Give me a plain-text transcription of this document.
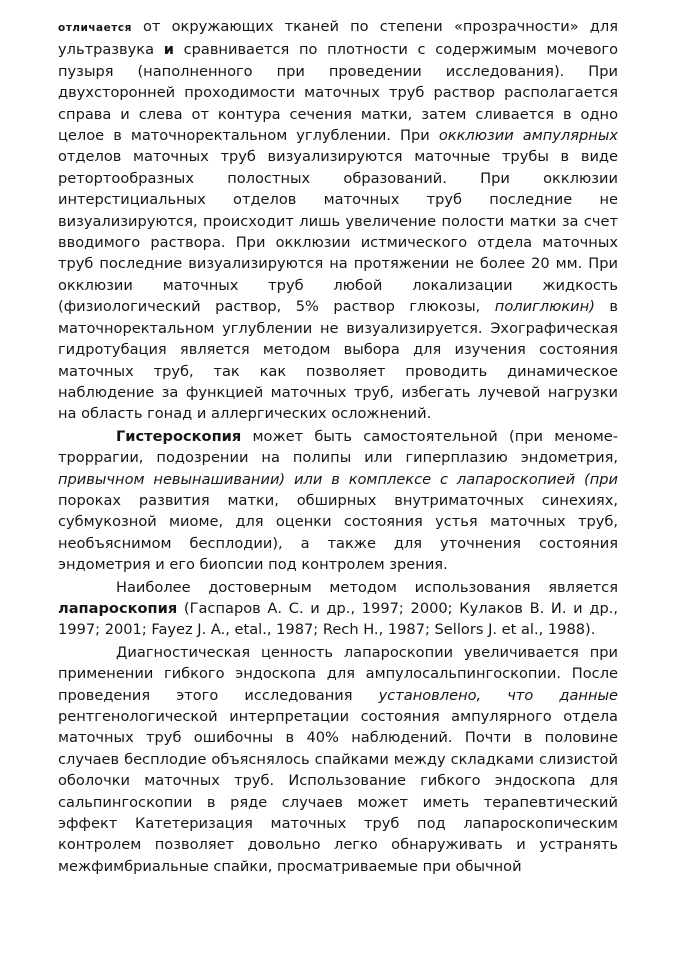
отличается от окружающих тканей по степени «прозрачности» для ультразвука и сравнивается по плотности с содержимым мочевого пузыря (наполненного при проведении исследования). При двухсторонней проходимости маточных труб раствор располагается справа и слева от контура сечения матки, затем сливается в одно целое в маточноректальном углублении. При окклюзии ампулярных отделов маточных труб визуализируются маточные трубы в виде ретортообразных полостных образований. При окклюзии интерстициальных отделов маточных труб последние не визуализируются, происходит лишь увеличение полости матки за счет вводимого раствора. При окклюзии истмического отдела маточных труб последние визуализируются на протяжении не более 20 мм. При окклюзии маточных труб любой локализации жидкость (физиологический раствор, 5% раствор глюкозы, полиглюкин) в маточноректальном углублении не визуализируется. Эхографическая гидротубация является методом выбора для изучения состояния маточных труб, так как позволяет проводить динамическое наблюдение за функцией маточных труб, избегать лучевой нагрузки на область гонад и аллергических осложнений.

Гистероскопия может быть самостоятельной (при менометроррагии, подозрении на полипы или гиперплазию эндометрия, привычном невынашивании) или в комплексе с лапароскопией (при пороках развития матки, обширных внутриматочных синехиях, субмукозной миоме, для оценки состояния устья маточных труб, необъяснимом бесплодии), а также для уточнения состояния эндометрия и его биопсии под контролем зрения.

Наиболее достоверным методом использования является лапароскопия (Гаспаров А. С. и др., 1997; 2000; Кулаков В. И. и др., 1997; 2001; Fayez J. A., etal., 1987; Rech H., 1987; Sellors J. et al., 1988).

Диагностическая ценность лапароскопии увеличивается при применении гибкого эндоскопа для ампулосальпингоскопии. После проведения этого исследования установлено, что данные рентгенологической интерпретации состояния ампулярного отдела маточных труб ошибочны в 40% наблюдений. Почти в половине случаев бесплодие объяснялось спайками между складками слизистой оболочки маточных труб. Использование гибкого эндоскопа для сальпингоскопии в ряде случаев может иметь терапевтический эффект Катетеризация маточных труб под лапароскопическим контролем позволяет довольно легко обнаруживать и устранять межфимбриальные спайки, просматриваемые при обычной
